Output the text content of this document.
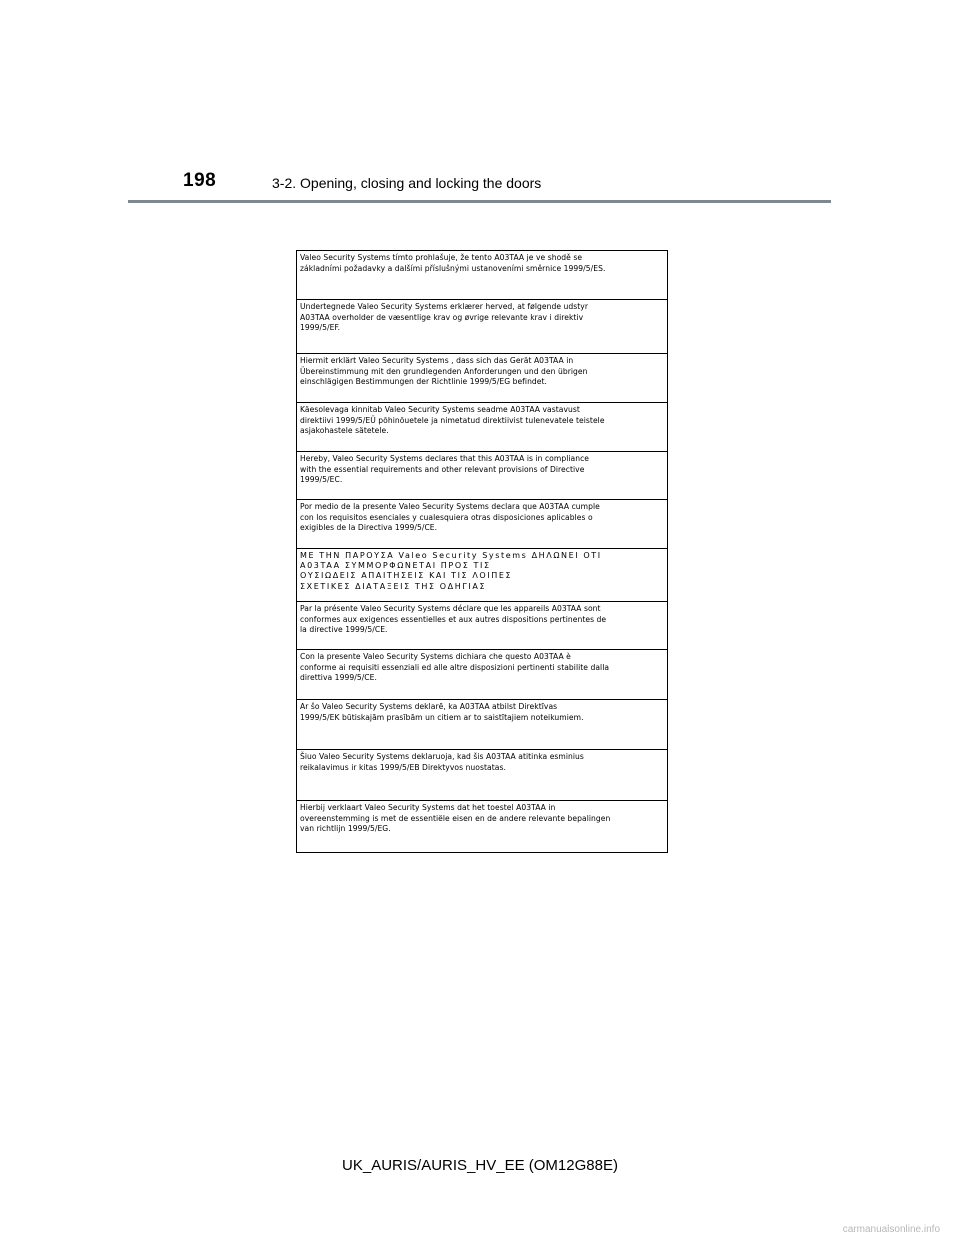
198	3-2. Opening, closing and locking the doors
Valeo Security Systems tímto prohlašuje, že tento A03TAA je ve shodě se
základními požadavky a dalšími příslušnými ustanoveními směrnice 1999/5/ES.
Undertegnede Valeo Security Systems erklærer herved, at følgende udstyr
A03TAA overholder de væsentlige krav og øvrige relevante krav i direktiv
1999/5/EF.
Hiermit erklärt Valeo Security Systems , dass sich das Gerät A03TAA in
Übereinstimmung mit den grundlegenden Anforderungen und den übrigen
einschlägigen Bestimmungen der Richtlinie 1999/5/EG befindet.
Käesolevaga kinnitab Valeo Security Systems seadme A03TAA vastavust
direktiivi 1999/5/EÜ põhinõuetele ja nimetatud direktiivist tulenevatele teistele
asjakohastele sätetele.
Hereby, Valeo Security Systems declares that this A03TAA is in compliance
with the essential requirements and other relevant provisions of Directive
1999/5/EC.
Por medio de la presente Valeo Security Systems declara que A03TAA cumple
con los requisitos esenciales y cualesquiera otras disposiciones aplicables o
exigibles de la Directiva 1999/5/CE.
ΜΕ ΤΗΝ ΠΑΡΟΥΣΑ Valeo Security Systems ΔΗΛΩΝΕΙ ΟΤΙ
A03TAA ΣΥΜΜΟΡΦΩΝΕΤΑΙ ΠΡΟΣ ΤΙΣ
ΟΥΣΙΩΔΕΙΣ ΑΠΑΙΤΗΣΕΙΣ ΚΑΙ ΤΙΣ ΛΟΙΠΕΣ
ΣΧΕΤΙΚΕΣ ΔΙΑΤΑΞΕΙΣ ΤΗΣ ΟΔΗΓΙΑΣ
Par la présente Valeo Security Systems déclare que les appareils A03TAA sont
conformes aux exigences essentielles et aux autres dispositions pertinentes de
la directive 1999/5/CE.
Con la presente Valeo Security Systems dichiara che questo A03TAA è
conforme ai requisiti essenziali ed alle altre disposizioni pertinenti stabilite dalla
direttiva 1999/5/CE.
Ar šo Valeo Security Systems deklarē, ka A03TAA atbilst Direktīvas
1999/5/EK būtiskajām prasībām un citiem ar to saistītajiem noteikumiem.
Šiuo Valeo Security Systems deklaruoja, kad šis A03TAA atitinka esminius
reikalavimus ir kitas 1999/5/EB Direktyvos nuostatas.
Hierbij verklaart Valeo Security Systems dat het toestel A03TAA in
overeenstemming is met de essentiële eisen en de andere relevante bepalingen
van richtlijn 1999/5/EG.
UK_AURIS/AURIS_HV_EE (OM12G88E)
carmanualsonline.info
